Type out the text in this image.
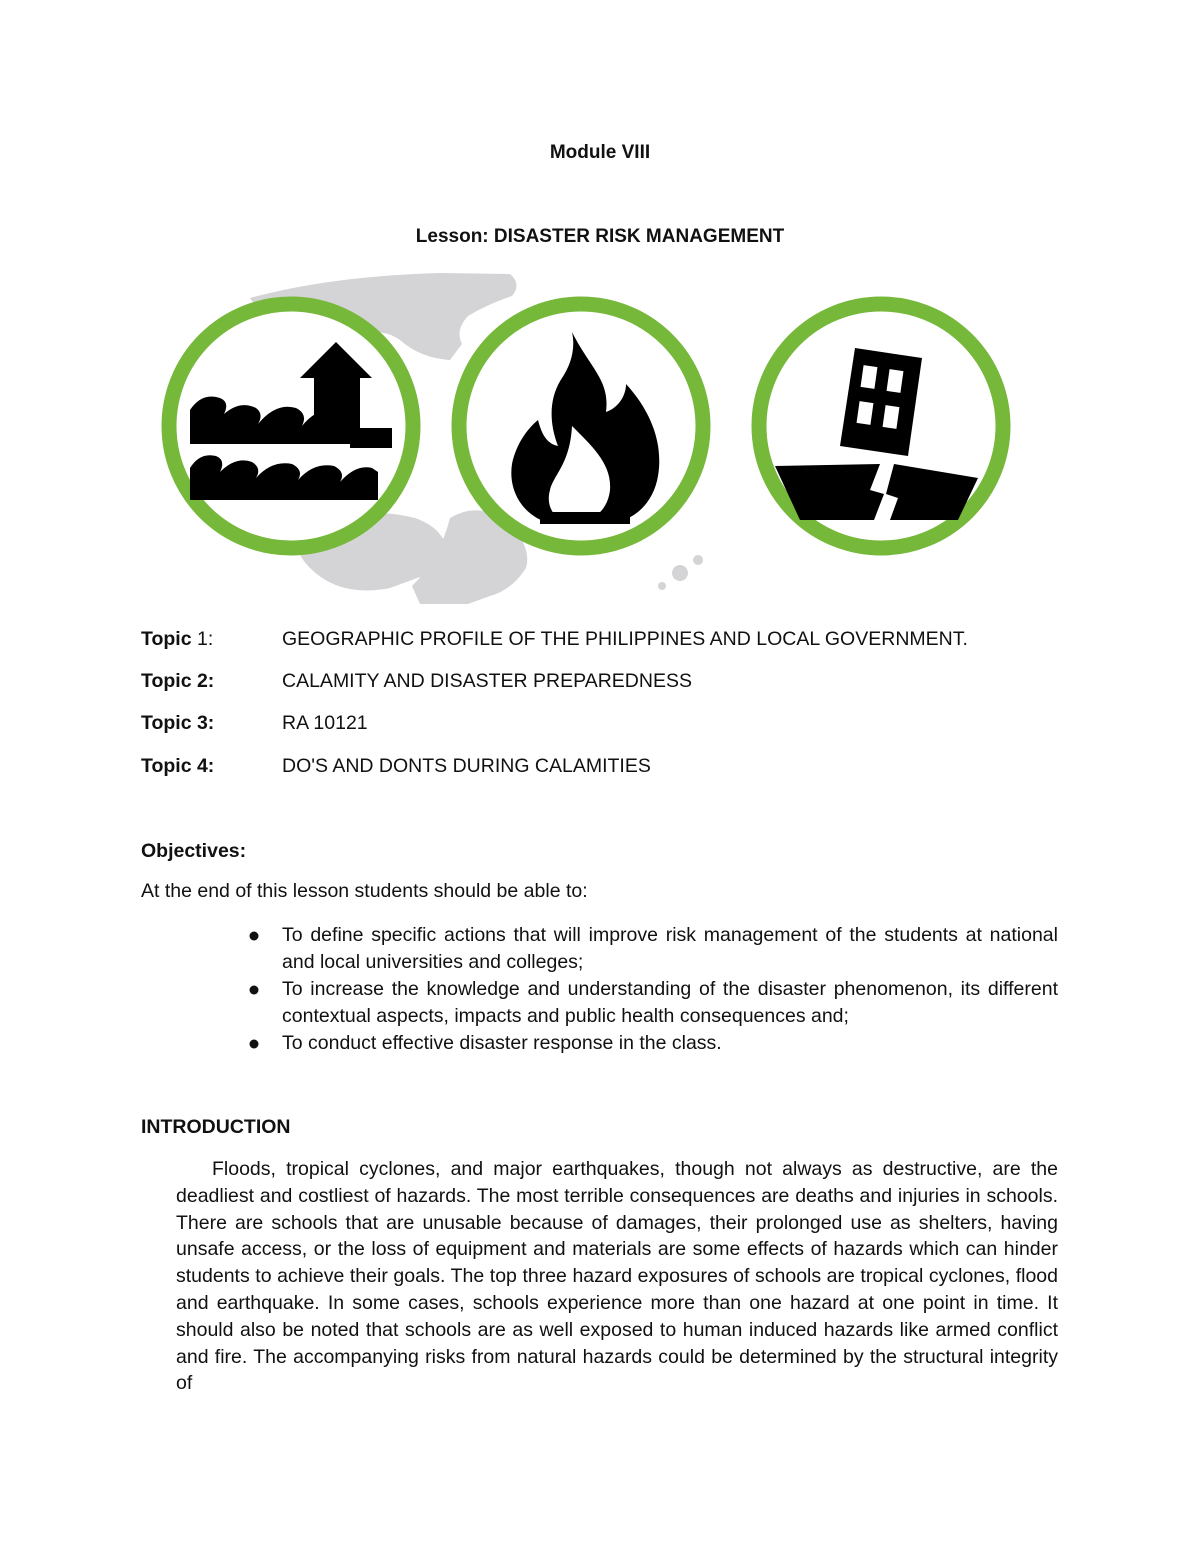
Module VIII
Lesson: DISASTER RISK MANAGEMENT
Topic 1:	GEOGRAPHIC PROFILE OF THE PHILIPPINES AND LOCAL GOVERNMENT.
Topic 2:	CALAMITY AND DISASTER PREPAREDNESS
Topic 3:	RA 10121
Topic 4:	DO'S AND DONTS DURING CALAMITIES
Objectives:
At the end of this lesson students should be able to:
To define specific actions that will improve risk management of the students at national and local universities and colleges;
To increase the knowledge and understanding of the disaster phenomenon, its different contextual aspects, impacts and public health consequences and;
To conduct effective disaster response in the class.
INTRODUCTION
Floods, tropical cyclones, and major earthquakes, though not always as destructive, are the deadliest and costliest of hazards. The most terrible consequences are deaths and injuries in schools. There are schools that are unusable because of damages, their prolonged use as shelters, having unsafe access, or the loss of equipment and materials are some effects of hazards which can hinder students to achieve their goals. The top three hazard exposures of schools are tropical cyclones, flood and earthquake. In some cases, schools experience more than one hazard at one point in time. It should also be noted that schools are as well exposed to human induced hazards like armed conflict and fire. The accompanying risks from natural hazards could be determined by the structural integrity of
